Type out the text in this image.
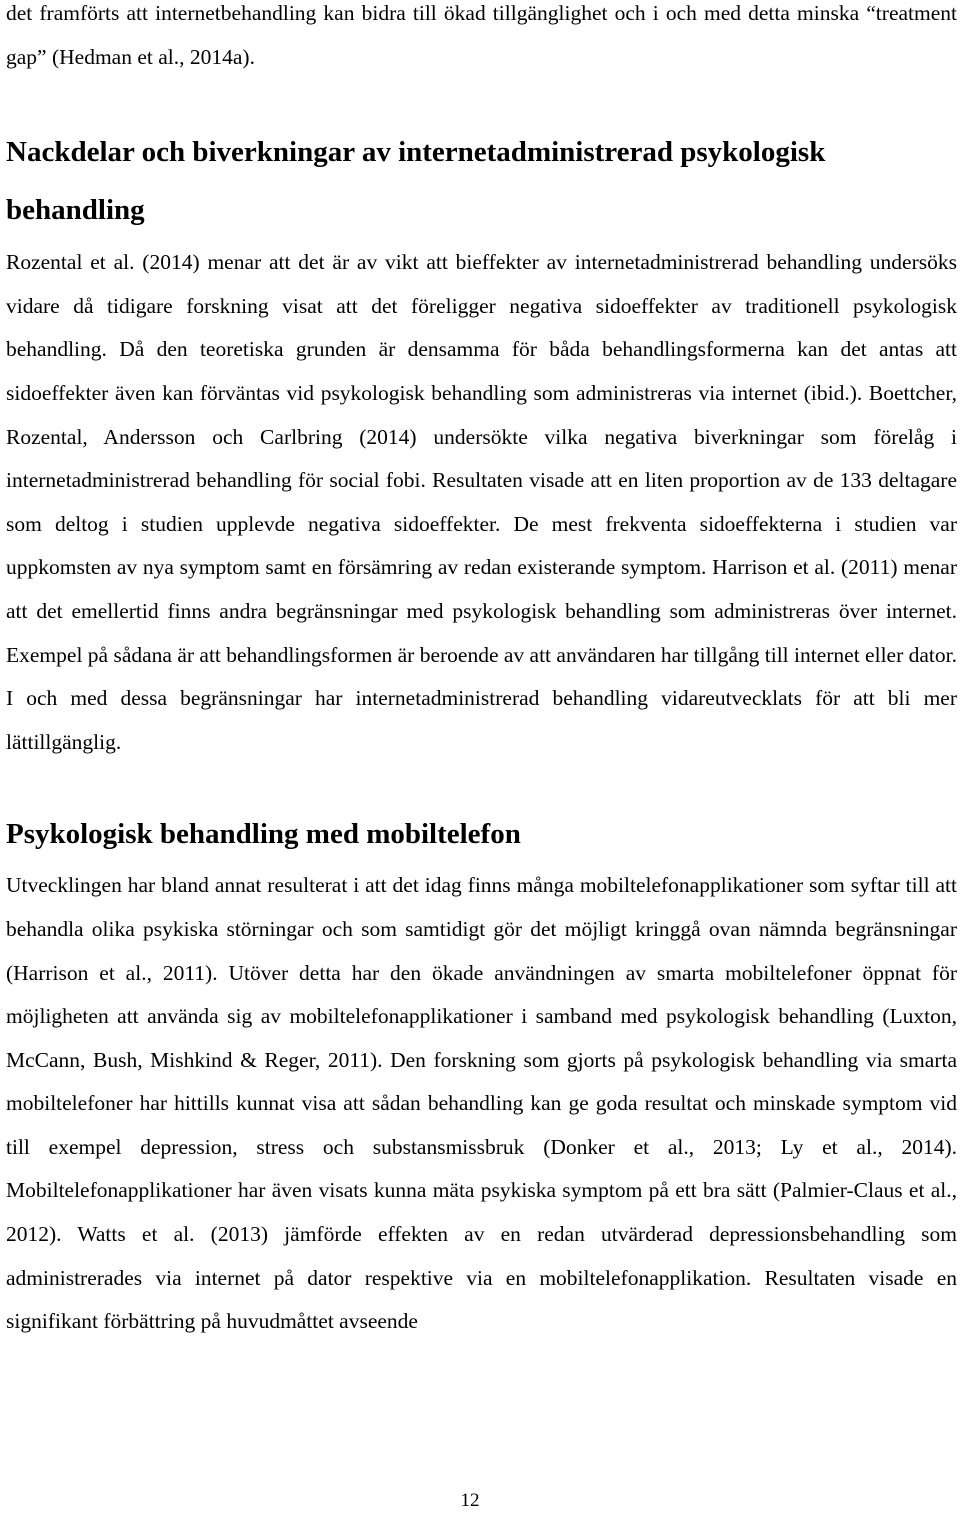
det framförts att internetbehandling kan bidra till ökad tillgänglighet och i och med detta minska “treatment gap” (Hedman et al., 2014a).

Nackdelar och biverkningar av internetadministrerad psykologisk behandling

Rozental et al. (2014) menar att det är av vikt att bieffekter av internetadministrerad behandling undersöks vidare då tidigare forskning visat att det föreligger negativa sidoeffekter av traditionell psykologisk behandling. Då den teoretiska grunden är densamma för båda behandlingsformerna kan det antas att sidoeffekter även kan förväntas vid psykologisk behandling som administreras via internet (ibid.). Boettcher, Rozental, Andersson och Carlbring (2014) undersökte vilka negativa biverkningar som förelåg i internetadministrerad behandling för social fobi. Resultaten visade att en liten proportion av de 133 deltagare som deltog i studien upplevde negativa sidoeffekter. De mest frekventa sidoeffekterna i studien var uppkomsten av nya symptom samt en försämring av redan existerande symptom. Harrison et al. (2011) menar att det emellertid finns andra begränsningar med psykologisk behandling som administreras över internet. Exempel på sådana är att behandlingsformen är beroende av att användaren har tillgång till internet eller dator. I och med dessa begränsningar har internetadministrerad behandling vidareutvecklats för att bli mer lättillgänglig.

Psykologisk behandling med mobiltelefon

Utvecklingen har bland annat resulterat i att det idag finns många mobiltelefonapplikationer som syftar till att behandla olika psykiska störningar och som samtidigt gör det möjligt kringgå ovan nämnda begränsningar (Harrison et al., 2011). Utöver detta har den ökade användningen av smarta mobiltelefoner öppnat för möjligheten att använda sig av mobiltelefonapplikationer i samband med psykologisk behandling (Luxton, McCann, Bush, Mishkind & Reger, 2011). Den forskning som gjorts på psykologisk behandling via smarta mobiltelefoner har hittills kunnat visa att sådan behandling kan ge goda resultat och minskade symptom vid till exempel depression, stress och substansmissbruk (Donker et al., 2013; Ly et al., 2014). Mobiltelefonapplikationer har även visats kunna mäta psykiska symptom på ett bra sätt (Palmier-Claus et al., 2012). Watts et al. (2013) jämförde effekten av en redan utvärderad depressionsbehandling som administrerades via internet på dator respektive via en mobiltelefonapplikation. Resultaten visade en signifikant förbättring på huvudmåttet avseende

12
